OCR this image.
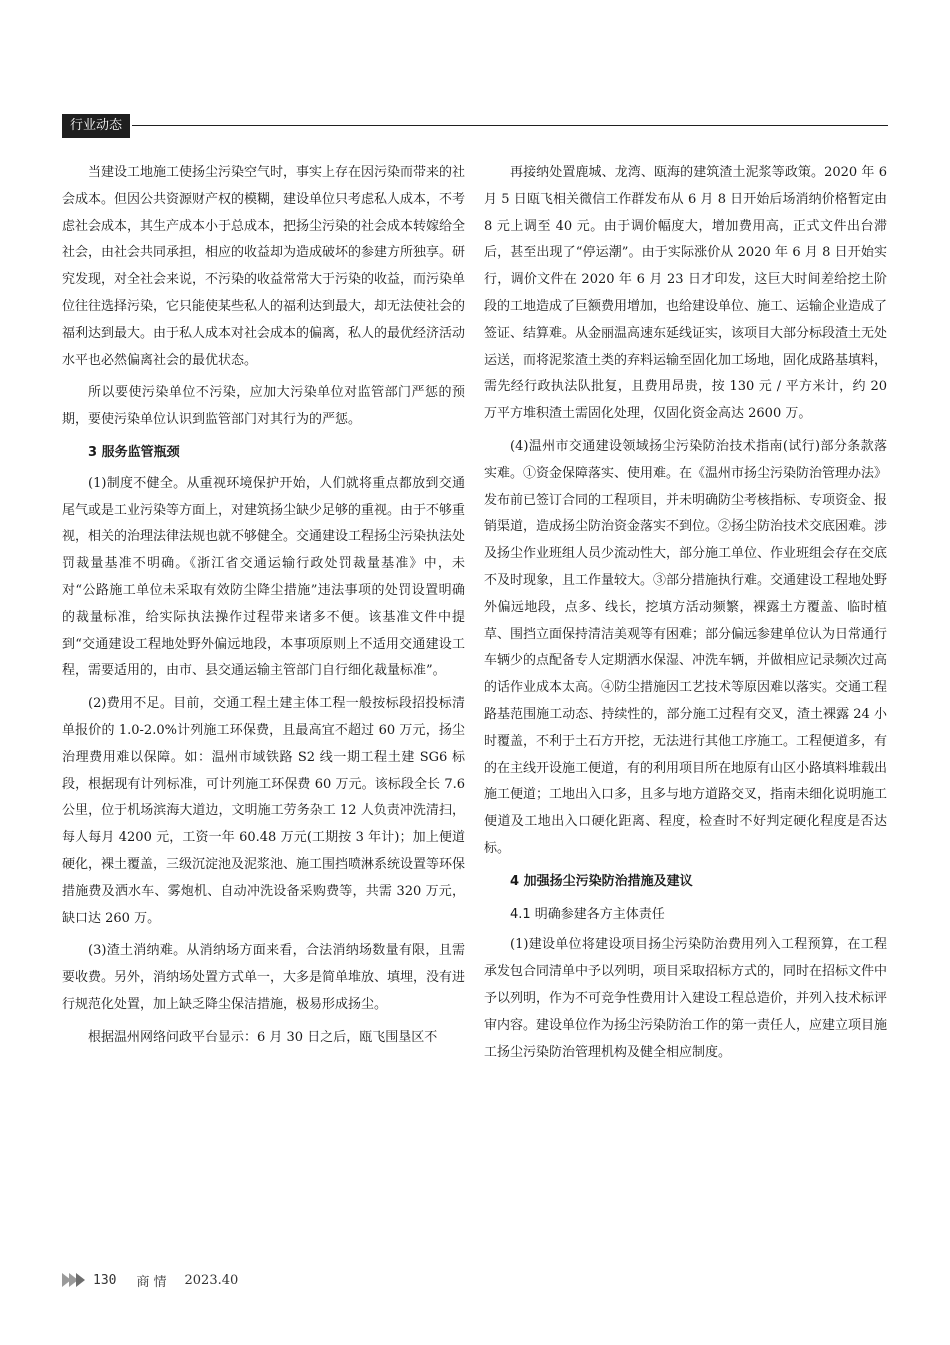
行业动态

当建设工地施工使扬尘污染空气时，事实上存在因污染而带来的社会成本。但因公共资源财产权的模糊，建设单位只考虑私人成本，不考虑社会成本，其生产成本小于总成本，把扬尘污染的社会成本转嫁给全社会，由社会共同承担，相应的收益却为造成破坏的参建方所独享。研究发现，对全社会来说，不污染的收益常常大于污染的收益，而污染单位往往选择污染，它只能使某些私人的福利达到最大，却无法使社会的福利达到最大。由于私人成本对社会成本的偏离，私人的最优经济活动水平也必然偏离社会的最优状态。

所以要使污染单位不污染，应加大污染单位对监管部门严惩的预期，要使污染单位认识到监管部门对其行为的严惩。

3 服务监管瓶颈

(1)制度不健全。从重视环境保护开始，人们就将重点都放到交通尾气或是工业污染等方面上，对建筑扬尘缺少足够的重视。由于不够重视，相关的治理法律法规也就不够健全。交通建设工程扬尘污染执法处罚裁量基准不明确。《浙江省交通运输行政处罚裁量基准》中，未对“公路施工单位未采取有效防尘降尘措施”违法事项的处罚设置明确的裁量标准，给实际执法操作过程带来诸多不便。该基准文件中提到“交通建设工程地处野外偏远地段，本事项原则上不适用交通建设工程，需要适用的，由市、县交通运输主管部门自行细化裁量标准”。

(2)费用不足。目前，交通工程土建主体工程一般按标段招投标清单报价的 1.0-2.0%计列施工环保费，且最高宜不超过 60 万元，扬尘治理费用难以保障。如：温州市域铁路 S2 线一期工程土建 SG6 标段，根据现有计列标准，可计列施工环保费 60 万元。该标段全长 7.6 公里，位于机场滨海大道边，文明施工劳务杂工 12 人负责冲洗清扫，每人每月 4200 元，工资一年 60.48 万元(工期按 3 年计)；加上便道硬化，裸土覆盖，三级沉淀池及泥浆池、施工围挡喷淋系统设置等环保措施费及洒水车、雾炮机、自动冲洗设备采购费等，共需 320 万元，缺口达 260 万。

(3)渣土消纳难。从消纳场方面来看，合法消纳场数量有限，且需要收费。另外，消纳场处置方式单一，大多是简单堆放、填埋，没有进行规范化处置，加上缺乏降尘保洁措施，极易形成扬尘。

根据温州网络问政平台显示：6 月 30 日之后，瓯飞围垦区不

再接纳处置鹿城、龙湾、瓯海的建筑渣土泥浆等政策。2020 年 6 月 5 日瓯飞相关微信工作群发布从 6 月 8 日开始后场消纳价格暂定由 8 元上调至 40 元。由于调价幅度大，增加费用高，正式文件出台滞后，甚至出现了“停运潮”。由于实际涨价从 2020 年 6 月 8 日开始实行，调价文件在 2020 年 6 月 23 日才印发，这巨大时间差给挖土阶段的工地造成了巨额费用增加，也给建设单位、施工、运输企业造成了签证、结算难。从金丽温高速东延线证实，该项目大部分标段渣土无处运送，而将泥浆渣土类的弃料运输至固化加工场地，固化成路基填料，需先经行政执法队批复，且费用昂贵，按 130 元 / 平方米计，约 20 万平方堆积渣土需固化处理，仅固化资金高达 2600 万。

(4)温州市交通建设领域扬尘污染防治技术指南(试行)部分条款落实难。①资金保障落实、使用难。在《温州市扬尘污染防治管理办法》发布前已签订合同的工程项目，并未明确防尘考核指标、专项资金、报销渠道，造成扬尘防治资金落实不到位。②扬尘防治技术交底困难。涉及扬尘作业班组人员少流动性大，部分施工单位、作业班组会存在交底不及时现象，且工作量较大。③部分措施执行难。交通建设工程地处野外偏远地段，点多、线长，挖填方活动频繁，裸露土方覆盖、临时植草、围挡立面保持清洁美观等有困难；部分偏远参建单位认为日常通行车辆少的点配备专人定期洒水保湿、冲洗车辆，并做相应记录频次过高的话作业成本太高。④防尘措施因工艺技术等原因难以落实。交通工程路基范围施工动态、持续性的，部分施工过程有交叉，渣土裸露 24 小时覆盖，不利于土石方开挖，无法进行其他工序施工。工程便道多，有的在主线开设施工便道，有的利用项目所在地原有山区小路填料堆载出施工便道；工地出入口多，且多与地方道路交叉，指南未细化说明施工便道及工地出入口硬化距离、程度，检查时不好判定硬化程度是否达标。

4 加强扬尘污染防治措施及建议
4.1 明确参建各方主体责任

(1)建设单位将建设项目扬尘污染防治费用列入工程预算，在工程承发包合同清单中予以列明，项目采取招标方式的，同时在招标文件中予以列明，作为不可竞争性费用计入建设工程总造价，并列入技术标评审内容。建设单位作为扬尘污染防治工作的第一责任人，应建立项目施工扬尘污染防治管理机构及健全相应制度。

130 商情 2023.40
